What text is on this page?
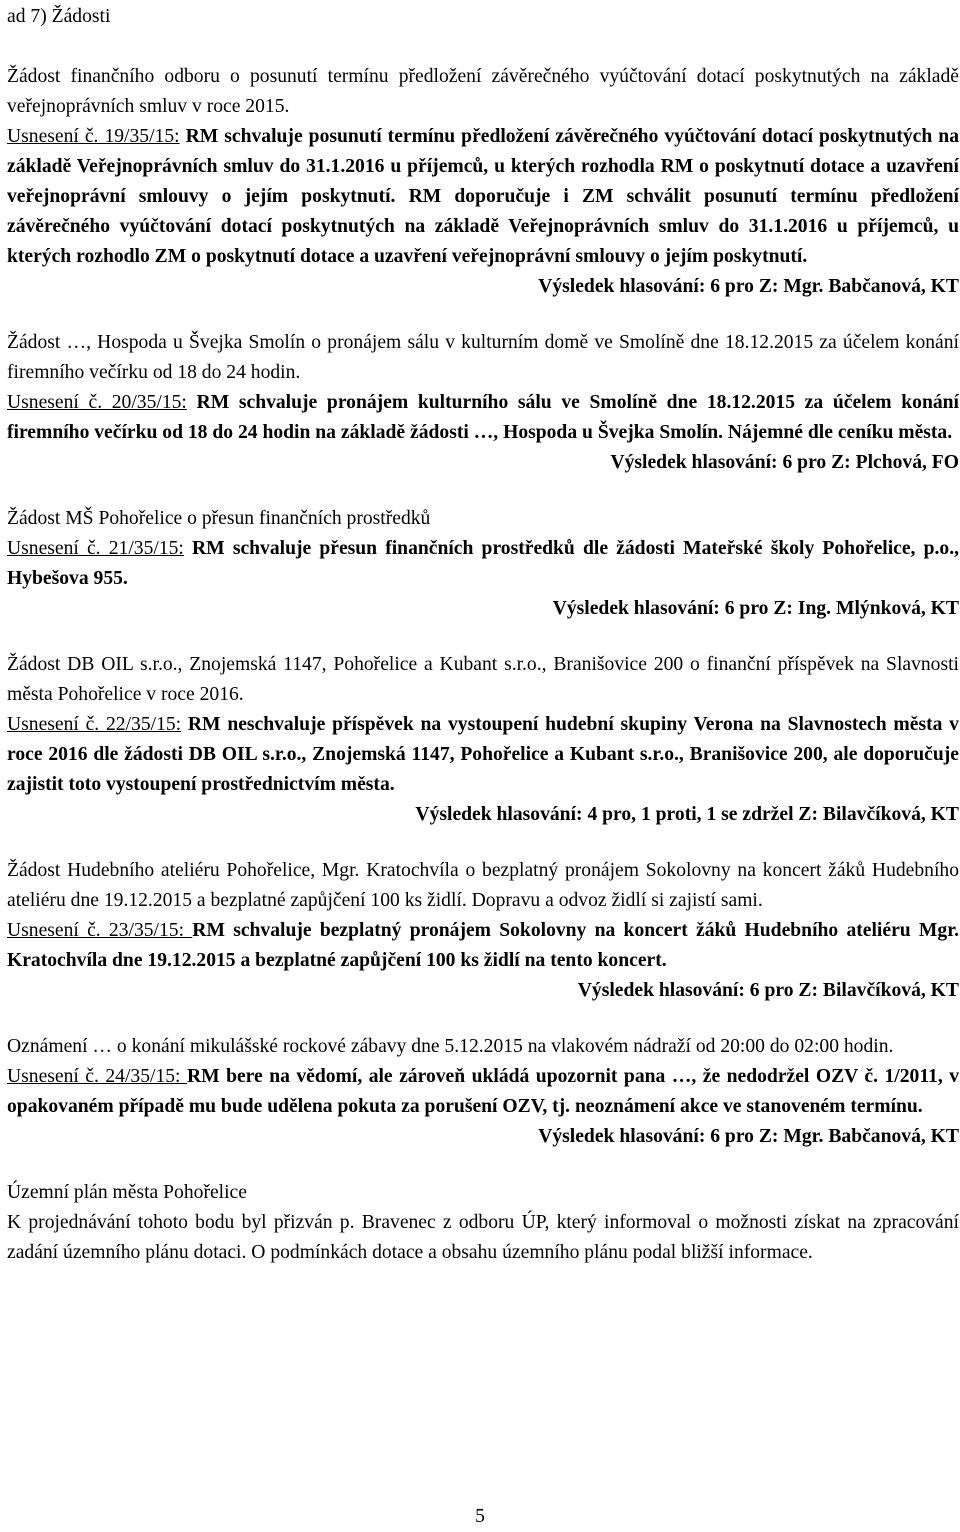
ad 7) Žádosti
Žádost finančního odboru o posunutí termínu předložení závěrečného vyúčtování dotací poskytnutých na základě veřejnoprávních smluv v roce 2015.
Usnesení č. 19/35/15: RM schvaluje posunutí termínu předložení závěrečného vyúčtování dotací poskytnutých na základě Veřejnoprávních smluv do 31.1.2016 u příjemců, u kterých rozhodla RM o poskytnutí dotace a uzavření veřejnoprávní smlouvy o jejím poskytnutí. RM doporučuje i ZM schválit posunutí termínu předložení závěrečného vyúčtování dotací poskytnutých na základě Veřejnoprávních smluv do 31.1.2016 u příjemců, u kterých rozhodlo ZM o poskytnutí dotace a uzavření veřejnoprávní smlouvy o jejím poskytnutí.
Výsledek hlasování: 6 pro Z: Mgr. Babčanová, KT
Žádost …, Hospoda u Švejka Smolín o pronájem sálu v kulturním domě ve Smolíně dne 18.12.2015 za účelem konání firemního večírku od 18 do 24 hodin.
Usnesení č. 20/35/15: RM schvaluje pronájem kulturního sálu ve Smolíně dne 18.12.2015 za účelem konání firemního večírku od 18 do 24 hodin na základě žádosti …, Hospoda u Švejka Smolín. Nájemné dle ceníku města.
Výsledek hlasování: 6 pro Z: Plchová, FO
Žádost MŠ Pohořelice o přesun finančních prostředků
Usnesení č. 21/35/15: RM schvaluje přesun finančních prostředků dle žádosti Mateřské školy Pohořelice, p.o., Hybešova 955.
Výsledek hlasování: 6 pro Z: Ing. Mlýnková, KT
Žádost DB OIL s.r.o., Znojemská 1147, Pohořelice a Kubant s.r.o., Branišovice 200 o finanční příspěvek na Slavnosti města Pohořelice v roce 2016.
Usnesení č. 22/35/15: RM neschvaluje příspěvek na vystoupení hudební skupiny Verona na Slavnostech města v roce 2016 dle žádosti DB OIL s.r.o., Znojemská 1147, Pohořelice a Kubant s.r.o., Branišovice 200, ale doporučuje zajistit toto vystoupení prostřednictvím města.
Výsledek hlasování: 4 pro, 1 proti, 1 se zdržel Z: Bilavčíková, KT
Žádost Hudebního ateliéru Pohořelice, Mgr. Kratochvíla o bezplatný pronájem Sokolovny na koncert žáků Hudebního ateliéru dne 19.12.2015 a bezplatné zapůjčení 100 ks židlí. Dopravu a odvoz židlí si zajistí sami.
Usnesení č. 23/35/15: RM schvaluje bezplatný pronájem Sokolovny na koncert žáků Hudebního ateliéru Mgr. Kratochvíla dne 19.12.2015 a bezplatné zapůjčení 100 ks židlí na tento koncert.
Výsledek hlasování: 6 pro Z: Bilavčíková, KT
Oznámení … o konání mikulášské rockové zábavy dne 5.12.2015 na vlakovém nádraží od 20:00 do 02:00 hodin.
Usnesení č. 24/35/15: RM bere na vědomí, ale zároveň ukládá upozornit pana …, že nedodržel OZV č. 1/2011, v opakovaném případě mu bude udělena pokuta za porušení OZV, tj. neoznámení akce ve stanoveném termínu.
Výsledek hlasování: 6 pro Z: Mgr. Babčanová, KT
Územní plán města Pohořelice
K projednávání tohoto bodu byl přizván p. Bravenec z odboru ÚP, který informoval o možnosti získat na zpracování zadání územního plánu dotaci. O podmínkách dotace a obsahu územního plánu podal bližší informace.
5
